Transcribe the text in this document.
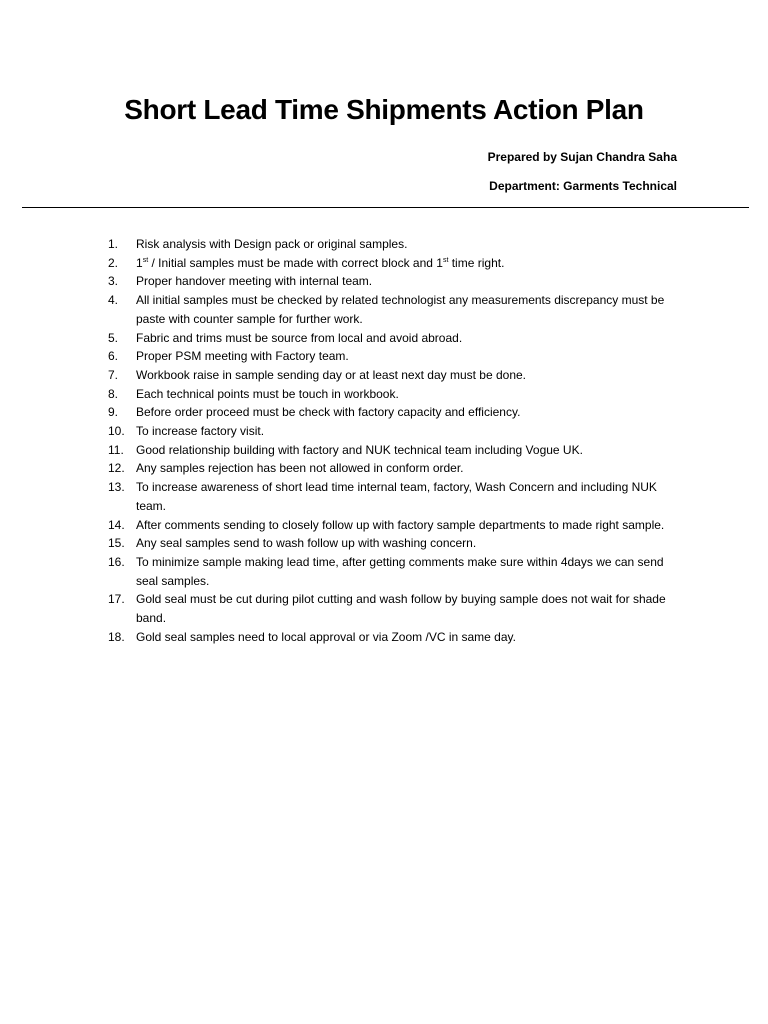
Short Lead Time Shipments Action Plan
Prepared by Sujan Chandra Saha
Department: Garments Technical
1.	Risk analysis with Design pack or original samples.
2.	1st / Initial samples must be made with correct block and 1st time right.
3.	Proper handover meeting with internal team.
4.	All initial samples must be checked by related technologist any measurements discrepancy must be paste with counter sample for further work.
5.	Fabric and trims must be source from local and avoid abroad.
6.	Proper PSM meeting with Factory team.
7.	Workbook raise in sample sending day or at least next day must be done.
8.	Each technical points must be touch in workbook.
9.	Before order proceed must be check with factory capacity and efficiency.
10. To increase factory visit.
11.	Good relationship building with factory and NUK technical team including Vogue UK.
12. Any samples rejection has been not allowed in conform order.
13. To increase awareness of short lead time internal team, factory, Wash Concern and including NUK team.
14. After comments sending to closely follow up with factory sample departments to made right sample.
15. Any seal samples send to wash follow up with washing concern.
16. To minimize sample making lead time, after getting comments make sure within 4days we can send seal samples.
17. Gold seal must be cut during pilot cutting and wash follow by buying sample does not wait for shade band.
18. Gold seal samples need to local approval or via Zoom /VC in same day.
